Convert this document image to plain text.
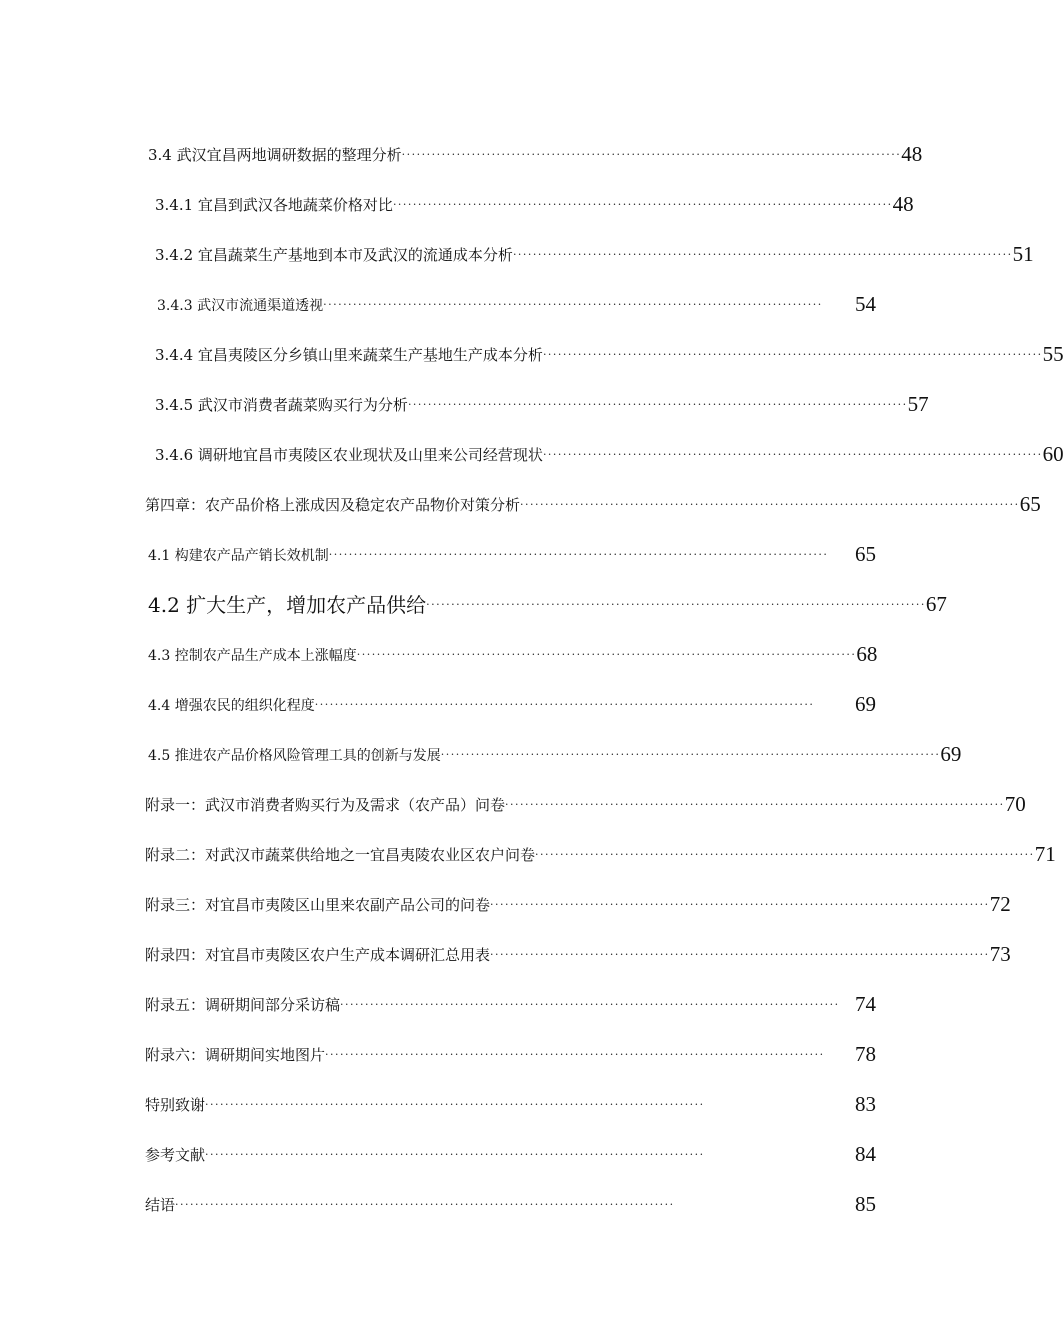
3.4 武汉宜昌两地调研数据的整理分析 ···································································································· 48
3.4.1 宜昌到武汉各地蔬菜价格对比 ···································································································· 48
3.4.2 宜昌蔬菜生产基地到本市及武汉的流通成本分析 ···································································································· 51
3.4.3 武汉市流通渠道透视 ····································································································	54
3.4.4 宜昌夷陵区分乡镇山里来蔬菜生产基地生产成本分析 ···································································································· 55
3.4.5 武汉市消费者蔬菜购买行为分析 ···································································································· 57
3.4.6 调研地宜昌市夷陵区农业现状及山里来公司经营现状 ···································································································· 60
第四章：农产品价格上涨成因及稳定农产品物价对策分析 ···································································································· 65
4.1 构建农产品产销长效机制 ····································································································	65
4.2 扩大生产，增加农产品供给 ···································································································· 67
4.3 控制农产品生产成本上涨幅度 ···································································································· 68
4.4 增强农民的组织化程度 ····································································································	69
4.5 推进农产品价格风险管理工具的创新与发展 ···································································································· 69
附录一：武汉市消费者购买行为及需求（农产品）问卷 ···································································································· 70
附录二：对武汉市蔬菜供给地之一宜昌夷陵农业区农户问卷 ···································································································· 71
附录三：对宜昌市夷陵区山里来农副产品公司的问卷 ···································································································· 72
附录四：对宜昌市夷陵区农户生产成本调研汇总用表 ···································································································· 73
附录五：调研期间部分采访稿 ···································································································· 74
附录六：调研期间实地图片 ····································································································	78
特别致谢 ····································································································	83
参考文献 ····································································································	84
结语 ····································································································	85
